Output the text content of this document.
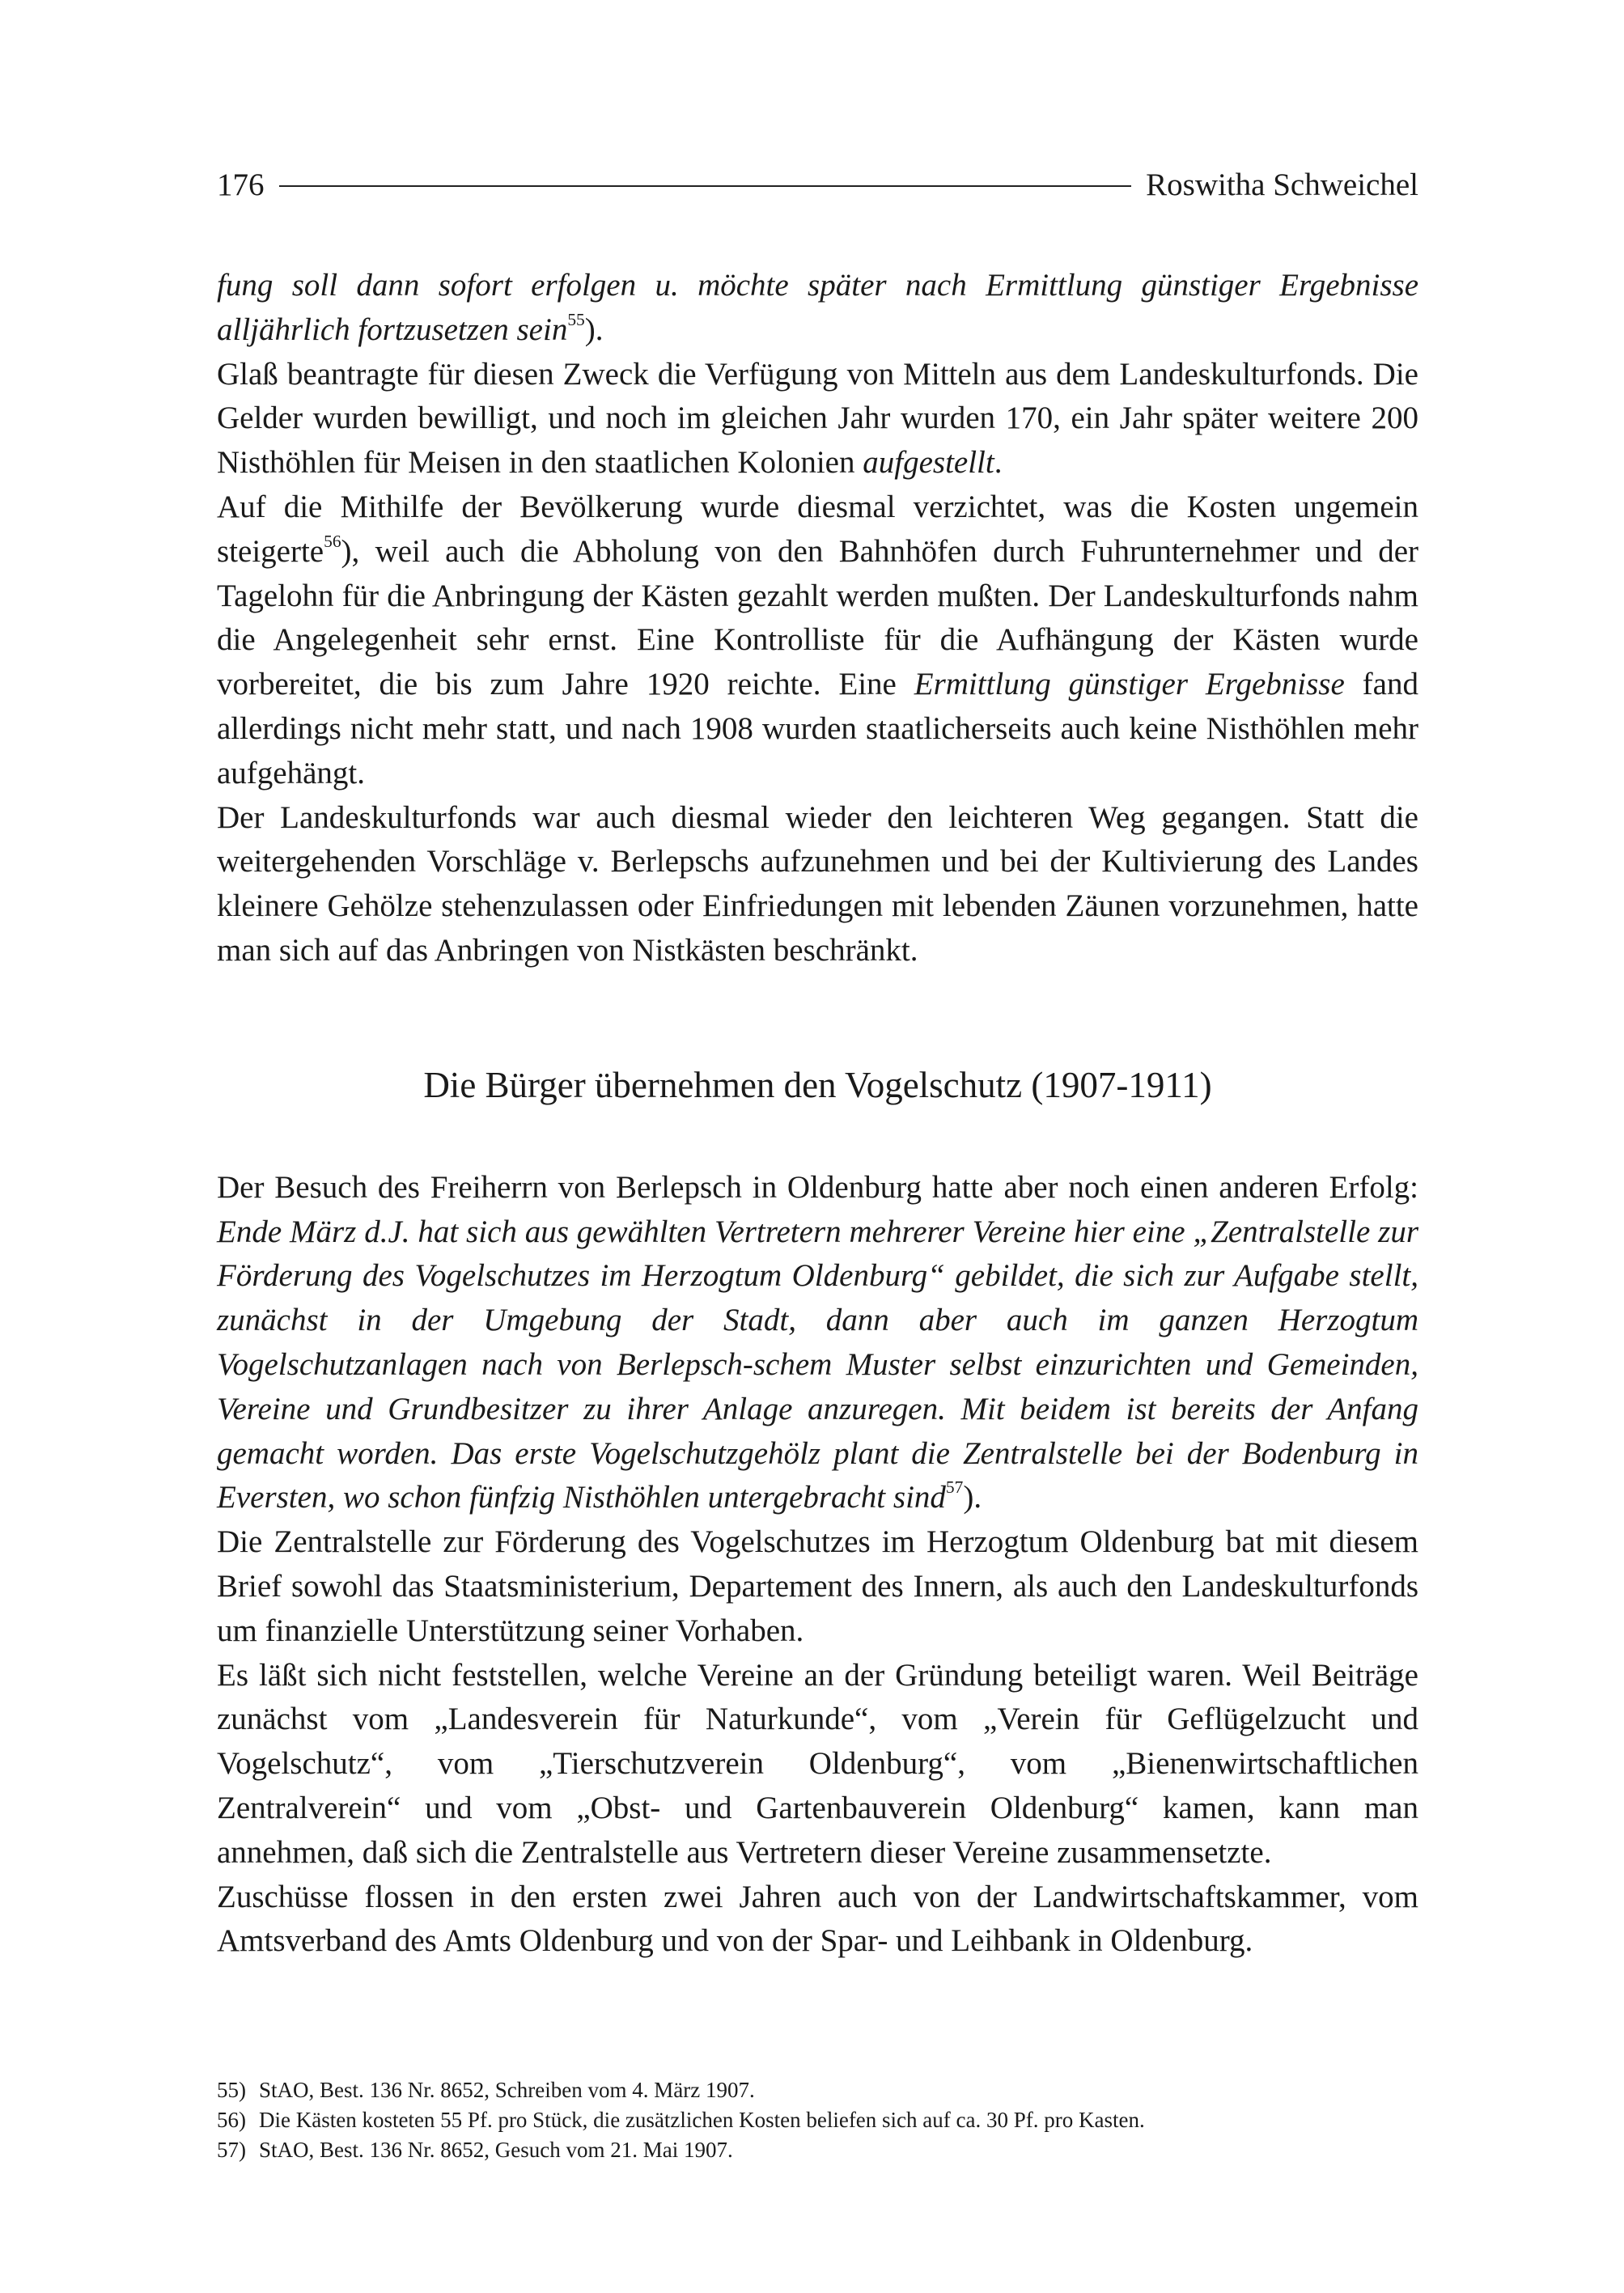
176	Roswitha Schweichel

fung soll dann sofort erfolgen u. möchte später nach Ermittlung günstiger Ergebnisse alljährlich fortzusetzen sein$^{55}$).

Glaß beantragte für diesen Zweck die Verfügung von Mitteln aus dem Landeskulturfonds. Die Gelder wurden bewilligt, und noch im gleichen Jahr wurden 170, ein Jahr später weitere 200 Nisthöhlen für Meisen in den staatlichen Kolonien aufgestellt.

Auf die Mithilfe der Bevölkerung wurde diesmal verzichtet, was die Kosten ungemein steigerte$^{56}$), weil auch die Abholung von den Bahnhöfen durch Fuhrunternehmer und der Tagelohn für die Anbringung der Kästen gezahlt werden mußten. Der Landeskulturfonds nahm die Angelegenheit sehr ernst. Eine Kontrolliste für die Aufhängung der Kästen wurde vorbereitet, die bis zum Jahre 1920 reichte. Eine Ermittlung günstiger Ergebnisse fand allerdings nicht mehr statt, und nach 1908 wurden staatlicherseits auch keine Nisthöhlen mehr aufgehängt.

Der Landeskulturfonds war auch diesmal wieder den leichteren Weg gegangen. Statt die weitergehenden Vorschläge v. Berlepschs aufzunehmen und bei der Kultivierung des Landes kleinere Gehölze stehenzulassen oder Einfriedungen mit lebenden Zäunen vorzunehmen, hatte man sich auf das Anbringen von Nistkästen beschränkt.

Die Bürger übernehmen den Vogelschutz (1907-1911)

Der Besuch des Freiherrn von Berlepsch in Oldenburg hatte aber noch einen anderen Erfolg: Ende März d.J. hat sich aus gewählten Vertretern mehrerer Vereine hier eine „Zentralstelle zur Förderung des Vogelschutzes im Herzogtum Oldenburg“ gebildet, die sich zur Aufgabe stellt, zunächst in der Umgebung der Stadt, dann aber auch im ganzen Herzogtum Vogelschutzanlagen nach von Berlepsch-schem Muster selbst einzurichten und Gemeinden, Vereine und Grundbesitzer zu ihrer Anlage anzuregen. Mit beidem ist bereits der Anfang gemacht worden. Das erste Vogelschutzgehölz plant die Zentralstelle bei der Bodenburg in Eversten, wo schon fünfzig Nisthöhlen untergebracht sind$^{57}$).

Die Zentralstelle zur Förderung des Vogelschutzes im Herzogtum Oldenburg bat mit diesem Brief sowohl das Staatsministerium, Departement des Innern, als auch den Landeskulturfonds um finanzielle Unterstützung seiner Vorhaben.

Es läßt sich nicht feststellen, welche Vereine an der Gründung beteiligt waren. Weil Beiträge zunächst vom „Landesverein für Naturkunde“, vom „Verein für Geflügelzucht und Vogelschutz“, vom „Tierschutzverein Oldenburg“, vom „Bienenwirtschaftlichen Zentralverein“ und vom „Obst- und Gartenbauverein Oldenburg“ kamen, kann man annehmen, daß sich die Zentralstelle aus Vertretern dieser Vereine zusammensetzte.

Zuschüsse flossen in den ersten zwei Jahren auch von der Landwirtschaftskammer, vom Amtsverband des Amts Oldenburg und von der Spar- und Leihbank in Oldenburg.

55) StAO, Best. 136 Nr. 8652, Schreiben vom 4. März 1907.
56) Die Kästen kosteten 55 Pf. pro Stück, die zusätzlichen Kosten beliefen sich auf ca. 30 Pf. pro Kasten.
57) StAO, Best. 136 Nr. 8652, Gesuch vom 21. Mai 1907.
